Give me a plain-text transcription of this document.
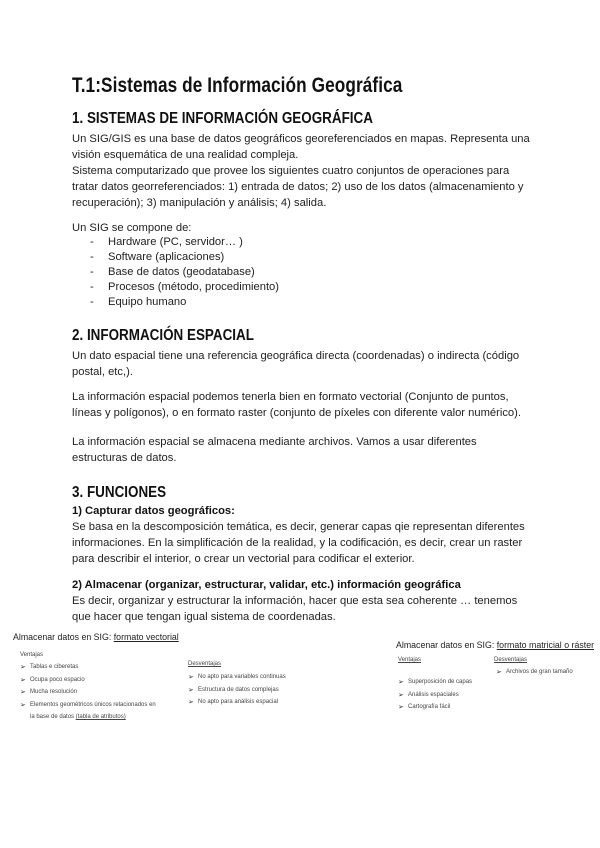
T.1:Sistemas de Información Geográfica
1. SISTEMAS DE INFORMACIÓN GEOGRÁFICA

Un SIG/GIS es una base de datos geográficos georeferenciados en mapas. Representa una visión esquemática de una realidad compleja.

Sistema computarizado que provee los siguientes cuatro conjuntos de operaciones para tratar datos georreferenciados: 1) entrada de datos; 2) uso de los datos (almacenamiento y recuperación); 3) manipulación y análisis; 4) salida.

Un SIG se compone de:

- Hardware (PC, servidor… )
- Software (aplicaciones)
- Base de datos (geodatabase)
- Procesos (método, procedimiento)
- Equipo humano
2. INFORMACIÓN ESPACIAL

Un dato espacial tiene una referencia geográfica directa (coordenadas) o indirecta (código postal, etc,).

La información espacial podemos tenerla bien en formato vectorial (Conjunto de puntos, líneas y polígonos), o en formato raster (conjunto de píxeles con diferente valor numérico).

La información espacial se almacena mediante archivos. Vamos a usar diferentes estructuras de datos.

3. FUNCIONES

1) Capturar datos geográficos:

Se basa en la descomposición temática, es decir, generar capas qie representan diferentes informaciones. En la simplificación de la realidad, y la codificación, es decir, crear un raster para describir el interior, o crear un vectorial para codificar el exterior.

2) Almacenar (organizar, estructurar, validar, etc.) información geográfica

Es decir, organizar y estructurar la información, hacer que esta sea coherente … tenemos que hacer que tengan igual sistema de coordenadas.

Almacenar datos en SIG: formato vectorial
Ventajas
➢ Tablas e ciberetas
➢ Ocupa poco espacio
➢ Mucha resolución
➢ Elementos geométricos únicos relacionados en
la base de datos (tabla de atributos)
Desventajas
➢ No apto para variables continuas
➢ Estructura de datos complejas
➢ No apto para análisis espacial
Almacenar datos en SIG: formato matricial o ráster
Ventajas
➢ Superposición de capas
➢ Análisis espaciales
➢ Cartografía fácil
Desventajas
➢ Archivos de gran tamaño
